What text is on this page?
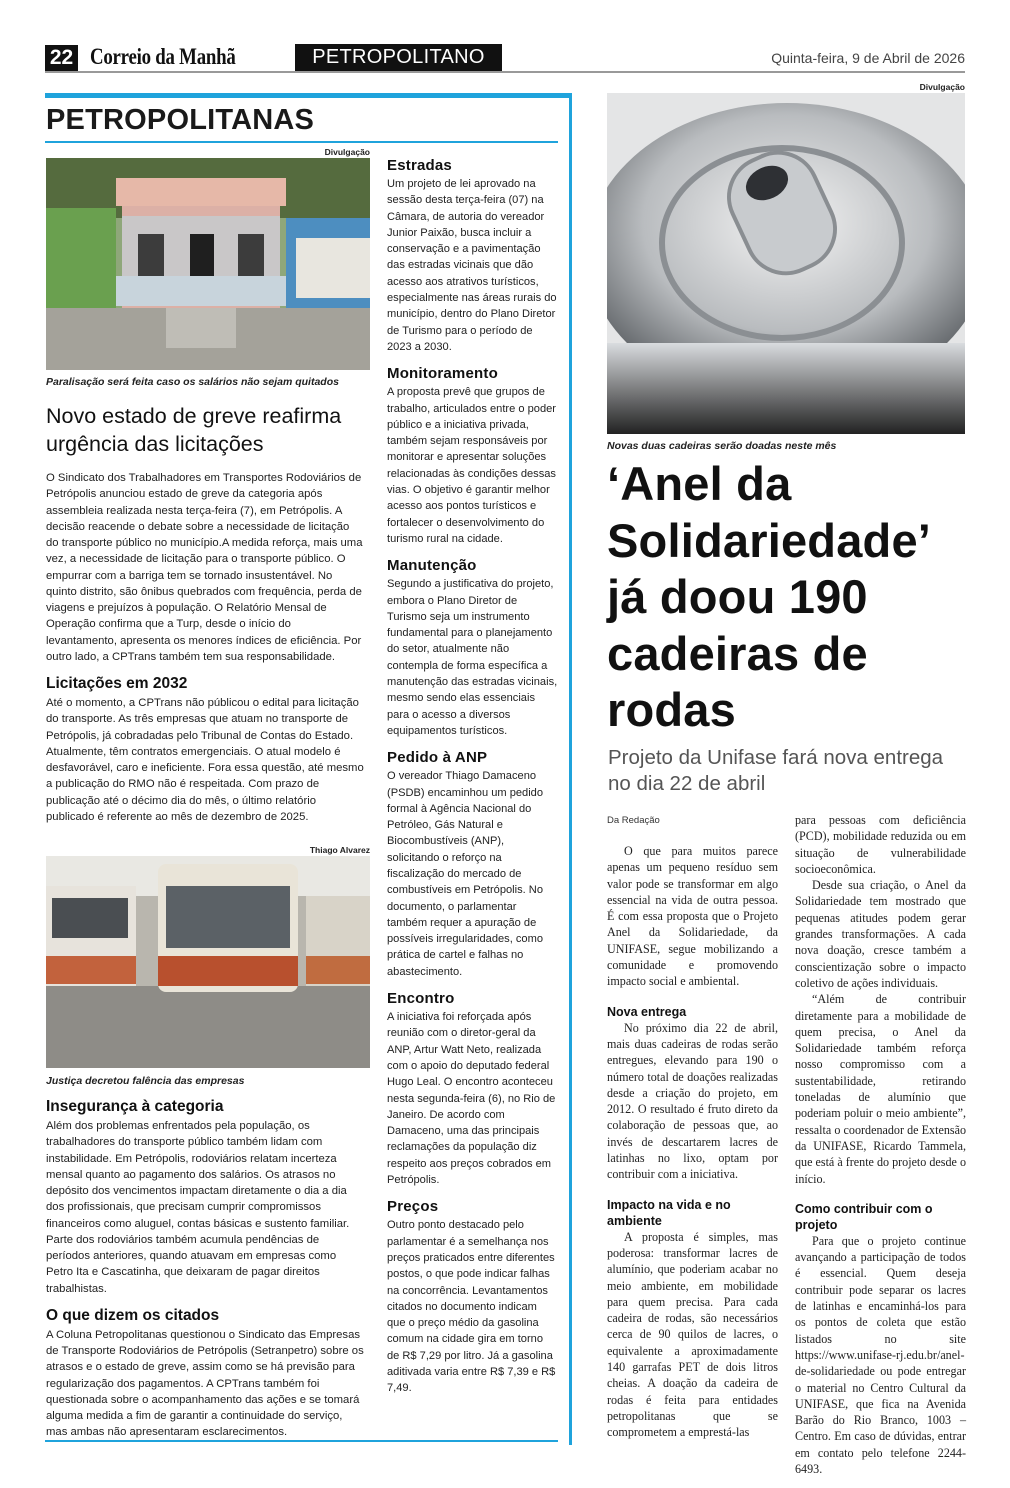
22 Correio da Manhã	PETROPOLITANO	Quinta-feira, 9 de Abril de 2026
PETROPOLITANAS
Divulgação
Paralisação será feita caso os salários não sejam quitados
Novo estado de greve reafirma urgência das licitações

O Sindicato dos Trabalhadores em Transportes Rodoviários de Petrópolis anunciou estado de greve da categoria após assembleia realizada nesta terça-feira (7), em Petrópolis. A decisão reacende o debate sobre a necessidade de licitação do transporte público no município.A medida reforça, mais uma vez, a necessidade de licitação para o transporte público. O empurrar com a barriga tem se tornado insustentável. No quinto distrito, são ônibus quebrados com frequência, perda de viagens e prejuízos à população. O Relatório Mensal de Operação confirma que a Turp, desde o início do levantamento, apresenta os menores índices de eficiência. Por outro lado, a CPTrans também tem sua responsabilidade.

Licitações em 2032

Até o momento, a CPTrans não públicou o edital para licitação do transporte. As três empresas que atuam no transporte de Petrópolis, já cobradadas pelo Tribunal de Contas do Estado. Atualmente, têm contratos emergenciais. O atual modelo é desfavorável, caro e ineficiente. Fora essa questão, até mesmo a publicação do RMO não é respeitada. Com prazo de publicação até o décimo dia do mês, o último relatório publicado é referente ao mês de dezembro de 2025.

Thiago Alvarez
Justiça decretou falência das empresas
Insegurança à categoria

Além dos problemas enfrentados pela população, os trabalhadores do transporte público também lidam com instabilidade. Em Petrópolis, rodoviários relatam incerteza mensal quanto ao pagamento dos salários. Os atrasos no depósito dos vencimentos impactam diretamente o dia a dia dos profissionais, que precisam cumprir compromissos financeiros como aluguel, contas básicas e sustento familiar. Parte dos rodoviários também acumula pendências de períodos anteriores, quando atuavam em empresas como Petro Ita e Cascatinha, que deixaram de pagar direitos trabalhistas.

O que dizem os citados

A Coluna Petropolitanas questionou o Sindicato das Empresas de Transporte Rodoviários de Petrópolis (Setranpetro) sobre os atrasos e o estado de greve, assim como se há previsão para regularização dos pagamentos. A CPTrans também foi questionada sobre o acompanhamento das ações e se tomará alguma medida a fim de garantir a continuidade do serviço, mas ambas não apresentaram esclarecimentos.

Estradas

Um projeto de lei aprovado na sessão desta terça-feira (07) na Câmara, de autoria do vereador Junior Paixão, busca incluir a conservação e a pavimentação das estradas vicinais que dão acesso aos atrativos turísticos, especialmente nas áreas rurais do município, dentro do Plano Diretor de Turismo para o período de 2023 a 2030.

Monitoramento

A proposta prevê que grupos de trabalho, articulados entre o poder público e a iniciativa privada, também sejam responsáveis por monitorar e apresentar soluções relacionadas às condições dessas vias. O objetivo é garantir melhor acesso aos pontos turísticos e fortalecer o desenvolvimento do turismo rural na cidade.

Manutenção

Segundo a justificativa do projeto, embora o Plano Diretor de Turismo seja um instrumento fundamental para o planejamento do setor, atualmente não contempla de forma específica a manutenção das estradas vicinais, mesmo sendo elas essenciais para o acesso a diversos equipamentos turísticos.

Pedido à ANP

O vereador Thiago Damaceno (PSDB) encaminhou um pedido formal à Agência Nacional do Petróleo, Gás Natural e Biocombustíveis (ANP), solicitando o reforço na fiscalização do mercado de combustíveis em Petrópolis. No documento, o parlamentar também requer a apuração de possíveis irregularidades, como prática de cartel e falhas no abastecimento.

Encontro

A iniciativa foi reforçada após reunião com o diretor-geral da ANP, Artur Watt Neto, realizada com o apoio do deputado federal Hugo Leal. O encontro aconteceu nesta segunda-feira (6), no Rio de Janeiro. De acordo com Damaceno, uma das principais reclamações da população diz respeito aos preços cobrados em Petrópolis.

Preços

Outro ponto destacado pelo parlamentar é a semelhança nos preços praticados entre diferentes postos, o que pode indicar falhas na concorrência. Levantamentos citados no documento indicam que o preço médio da gasolina comum na cidade gira em torno de R$ 7,29 por litro. Já a gasolina aditivada varia entre R$ 7,39 e R$ 7,49.

Divulgação
Novas duas cadeiras serão doadas neste mês
‘Anel da Solidariedade’ já doou 190 cadeiras de rodas
Projeto da Unifase fará nova entrega no dia 22 de abril
Da Redação

O que para muitos parece apenas um pequeno resíduo sem valor pode se transformar em algo essencial na vida de outra pessoa. É com essa proposta que o Projeto Anel da Solidariedade, da UNIFASE, segue mobilizando a comunidade e promovendo impacto social e ambiental.

Nova entrega

No próximo dia 22 de abril, mais duas cadeiras de rodas serão entregues, elevando para 190 o número total de doações realizadas desde a criação do projeto, em 2012. O resultado é fruto direto da colaboração de pessoas que, ao invés de descartarem lacres de latinhas no lixo, optam por contribuir com a iniciativa.

Impacto na vida e no ambiente

A proposta é simples, mas poderosa: transformar lacres de alumínio, que poderiam acabar no meio ambiente, em mobilidade para quem precisa. Para cada cadeira de rodas, são necessários cerca de 90 quilos de lacres, o equivalente a aproximadamente 140 garrafas PET de dois litros cheias. A doação da cadeira de rodas é feita para entidades petropolitanas que se comprometem a emprestá-las

para pessoas com deficiência (PCD), mobilidade reduzida ou em situação de vulnerabilidade socioeconômica.

Desde sua criação, o Anel da Solidariedade tem mostrado que pequenas atitudes podem gerar grandes transformações. A cada nova doação, cresce também a conscientização sobre o impacto coletivo de ações individuais.

“Além de contribuir diretamente para a mobilidade de quem precisa, o Anel da Solidariedade também reforça nosso compromisso com a sustentabilidade, retirando toneladas de alumínio que poderiam poluir o meio ambiente”, ressalta o coordenador de Extensão da UNIFASE, Ricardo Tammela, que está à frente do projeto desde o início.

Como contribuir com o projeto

Para que o projeto continue avançando a participação de todos é essencial. Quem deseja contribuir pode separar os lacres de latinhas e encaminhá-los para os pontos de coleta que estão listados no site https://www.unifase-rj.edu.br/anel-de-solidariedade ou pode entregar o material no Centro Cultural da UNIFASE, que fica na Avenida Barão do Rio Branco, 1003 – Centro. Em caso de dúvidas, entrar em contato pelo telefone 2244-6493.
